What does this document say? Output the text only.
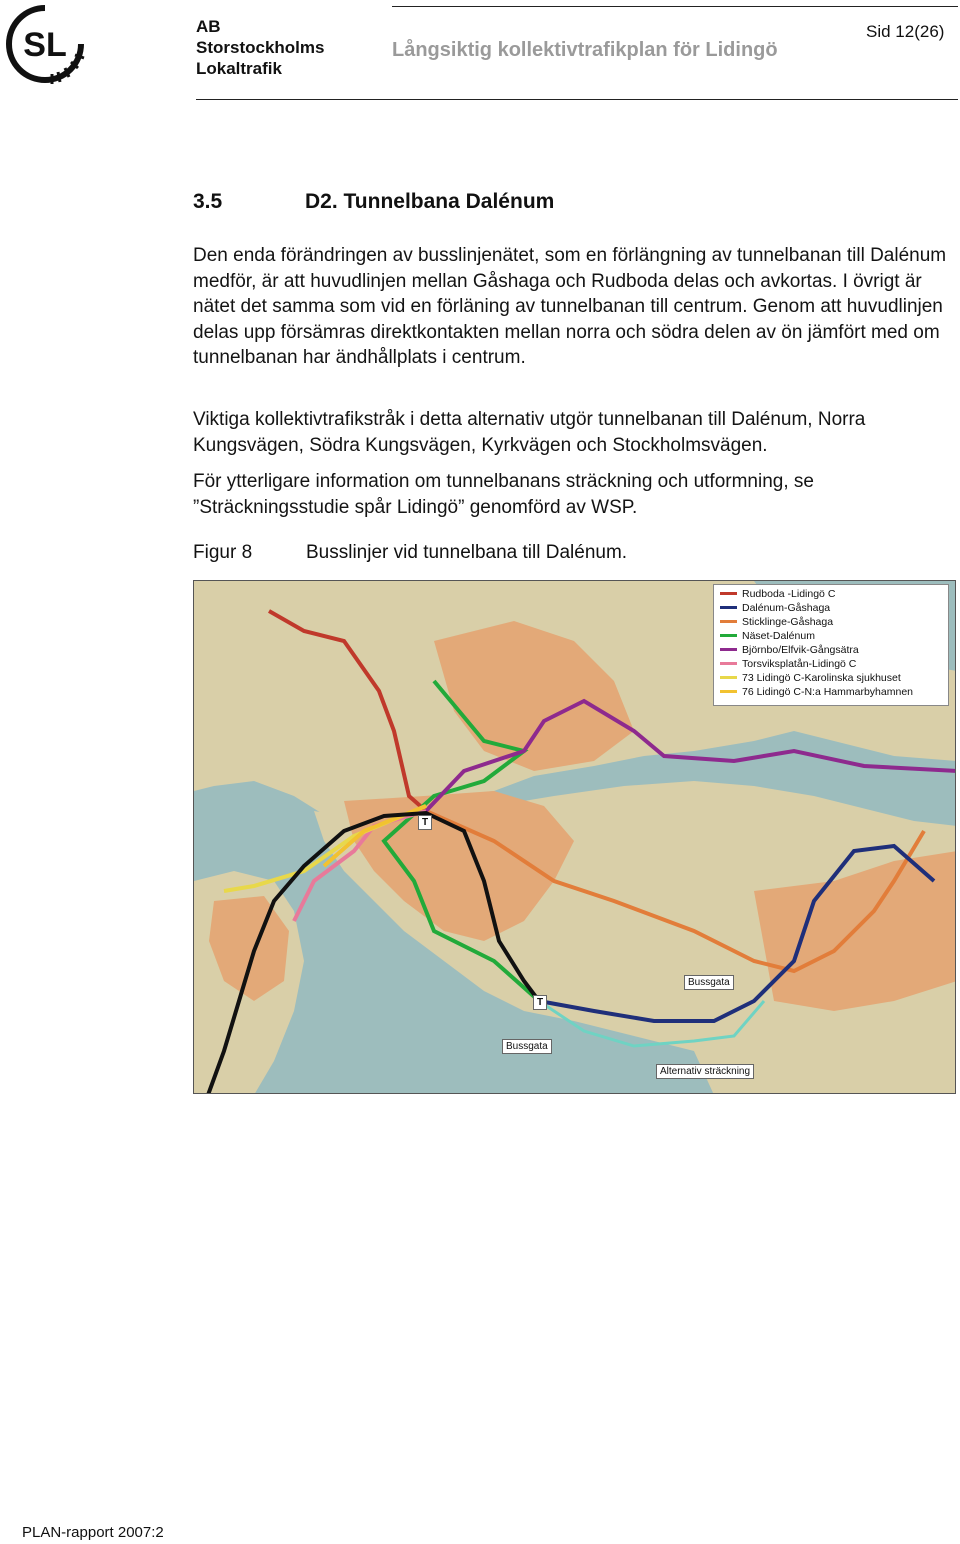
SL	AB
Storstockholms
Lokaltrafik
Långsiktig kollektivtrafikplan för Lidingö
Sid 12(26)
3.5	D2. Tunnelbana Dalénum
Den enda förändringen av busslinjenätet, som en förlängning av tunnelbanan till Dalénum medför, är att huvudlinjen mellan Gåshaga och Rudboda delas och avkortas. I övrigt är nätet det samma som vid en förläning av tunnelbanan till centrum. Genom att huvudlinjen delas upp försämras direktkontakten mellan norra och södra delen av ön jämfört med om tunnelbanan har ändhållplats i centrum.
Viktiga kollektivtrafikstråk i detta alternativ utgör tunnelbanan till Dalénum, Norra Kungsvägen, Södra Kungsvägen, Kyrkvägen och Stockholmsvägen.
För ytterligare information om tunnelbanans sträckning och utformning, se ”Sträckningsstudie spår Lidingö” genomförd av WSP.
Figur 8	Busslinjer vid tunnelbana till Dalénum.
T
T
Bussgata
Bussgata
Alternativ sträckning
Rudboda -Lidingö C
Dalénum-Gåshaga
Sticklinge-Gåshaga
Näset-Dalénum
Björnbo/Elfvik-Gångsätra
Torsviksplatån-Lidingö C
73 Lidingö C-Karolinska sjukhuset
76 Lidingö C-N:a Hammarbyhamnen
PLAN-rapport 2007:2
